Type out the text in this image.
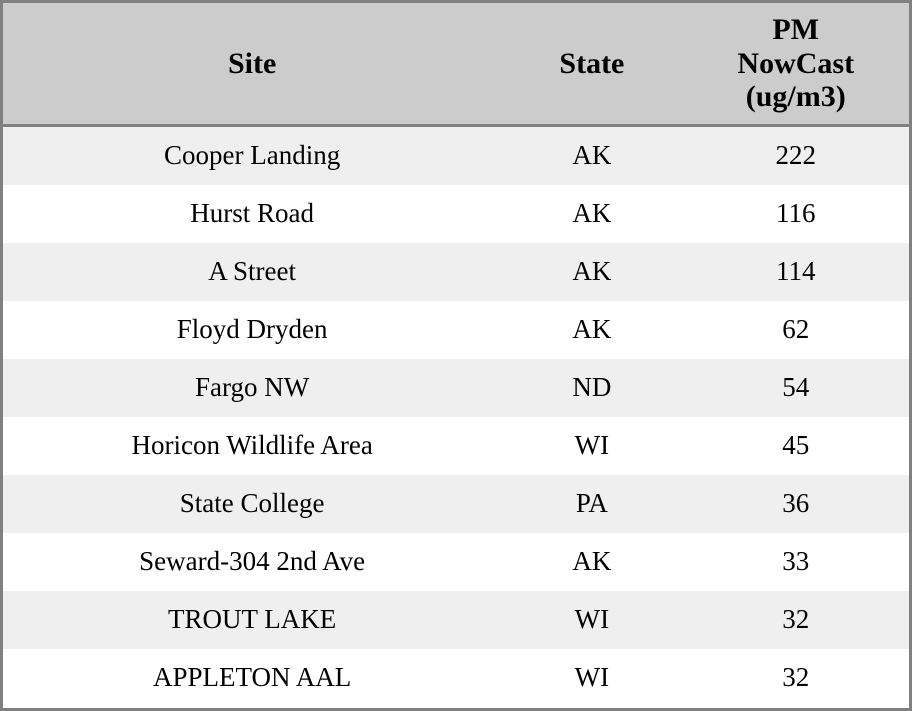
Site	State	PM
NowCast
(ug/m3)

Cooper Landing	AK	222
Hurst Road	AK	116
A Street	AK	114
Floyd Dryden	AK	62
Fargo NW	ND	54
Horicon Wildlife Area	WI	45
State College	PA	36
Seward-304 2nd Ave	AK	33
TROUT LAKE	WI	32
APPLETON AAL	WI	32
